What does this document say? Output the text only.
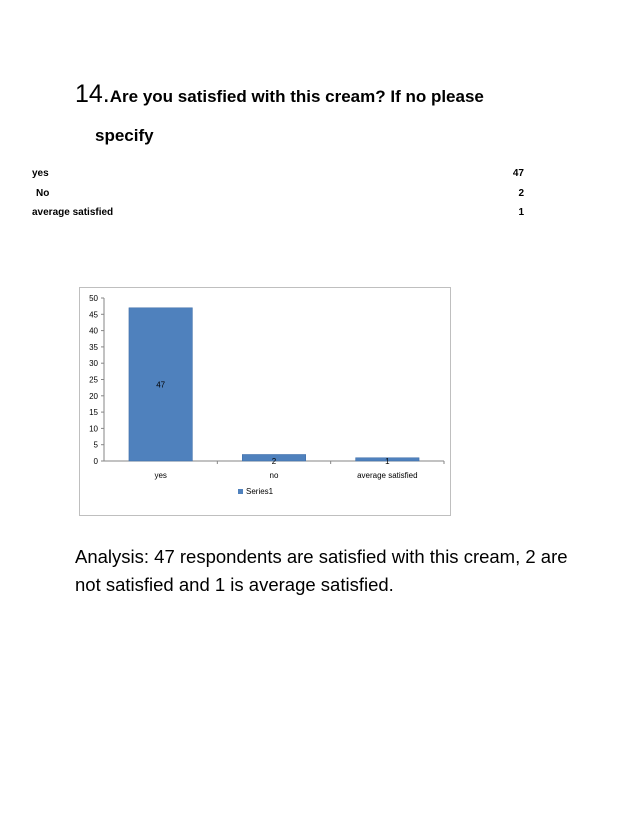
14.Are you satisfied with this cream? If no please
specify
yes	47
No	2
average satisfied	1
0
5
10
15
20
25
30
35
40
45
50
yes
47
no
2
average satisfied
1
Series1
Analysis: 47 respondents are satisfied with this cream, 2 are not satisfied and 1 is average satisfied.
